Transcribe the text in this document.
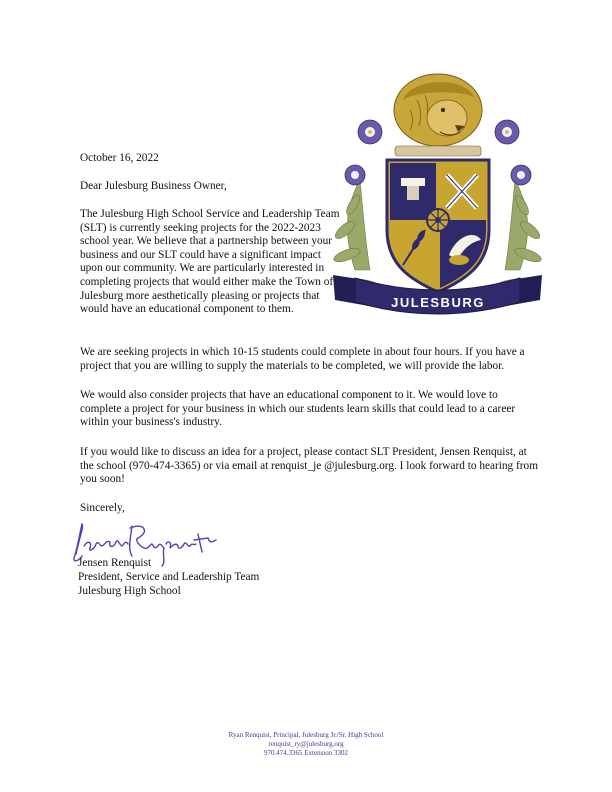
JULESBURG
October 16, 2022
Dear Julesburg Business Owner,
The Julesburg High School Service and Leadership Team (SLT) is currently seeking projects for the 2022-2023 school year. We believe that a partnership between your business and our SLT could have a significant impact upon our community. We are particularly interested in completing projects that would either make the Town of Julesburg more aesthetically pleasing or projects that would have an educational component to them.
We are seeking projects in which 10-15 students could complete in about four hours. If you have a project that you are willing to supply the materials to be completed, we will provide the labor.
We would also consider projects that have an educational component to it. We would love to complete a project for your business in which our students learn skills that could lead to a career within your business's industry.
If you would like to discuss an idea for a project, please contact SLT President, Jensen Renquist, at the school (970-474-3365) or via email at renquist_je @julesburg.org. I look forward to hearing from you soon!
Sincerely,
Jensen Renquist
President, Service and Leadership Team
Julesburg High School
Ryan Renquist, Principal, Julesburg Jr./Sr. High School
renquist_ry@julesburg.org
970.474.3365 Extension 3302
